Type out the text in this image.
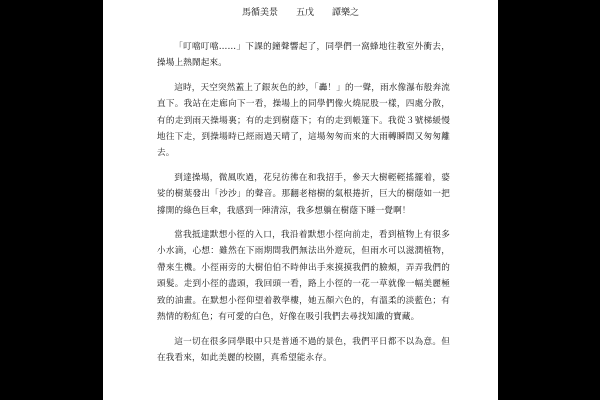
馬循美景 五戊 譚樂之

「叮噹叮噹……」下課的鐘聲響起了，同學們一窩蜂地往教室外衝去，操場上熱鬧起來。

這時，天空突然蓋上了銀灰色的紗，「轟！」的一聲，雨水像瀑布般奔流直下。我站在走廊向下一看，操場上的同學們像火燒屁股一樣，四處分散，有的走到雨天操場裏；有的走到樹蔭下；有的走到帳篷下。我從３號梯緩慢地往下走，到操場時已經雨過天晴了，這場匆匆而來的大雨轉瞬間又匆匆離去。

到達操場，微風吹過，花兒彷彿在和我招手，參天大樹輕輕搖擺着，婆娑的樹葉發出「沙沙」的聲音。那翻老榕樹的氣根捲折，巨大的樹蔭如一把撐開的綠色巨傘，我感到一陣清涼，我多想躺在樹蔭下睡一覺啊！

當我抵達默想小徑的入口，我沿着默想小徑向前走，看到植物上有很多小水滴，心想：雖然在下雨期間我們無法出外遊玩，但雨水可以滋潤植物，帶來生機。小徑兩旁的大樹伯伯不時伸出手來摸摸我們的臉頰，弄弄我們的頭髮。走到小徑的盡頭，我回頭一看，路上小徑的一花一草就像一幅美麗極致的油畫。在默想小徑仰望着教學樓，她五顏六色的，有溫柔的淡藍色；有熱情的粉紅色；有可愛的白色，好像在吸引我們去尋找知識的寶藏。

這一切在很多同學眼中只是普通不過的景色，我們平日都不以為意。但在我看來，如此美麗的校園，真希望能永存。
